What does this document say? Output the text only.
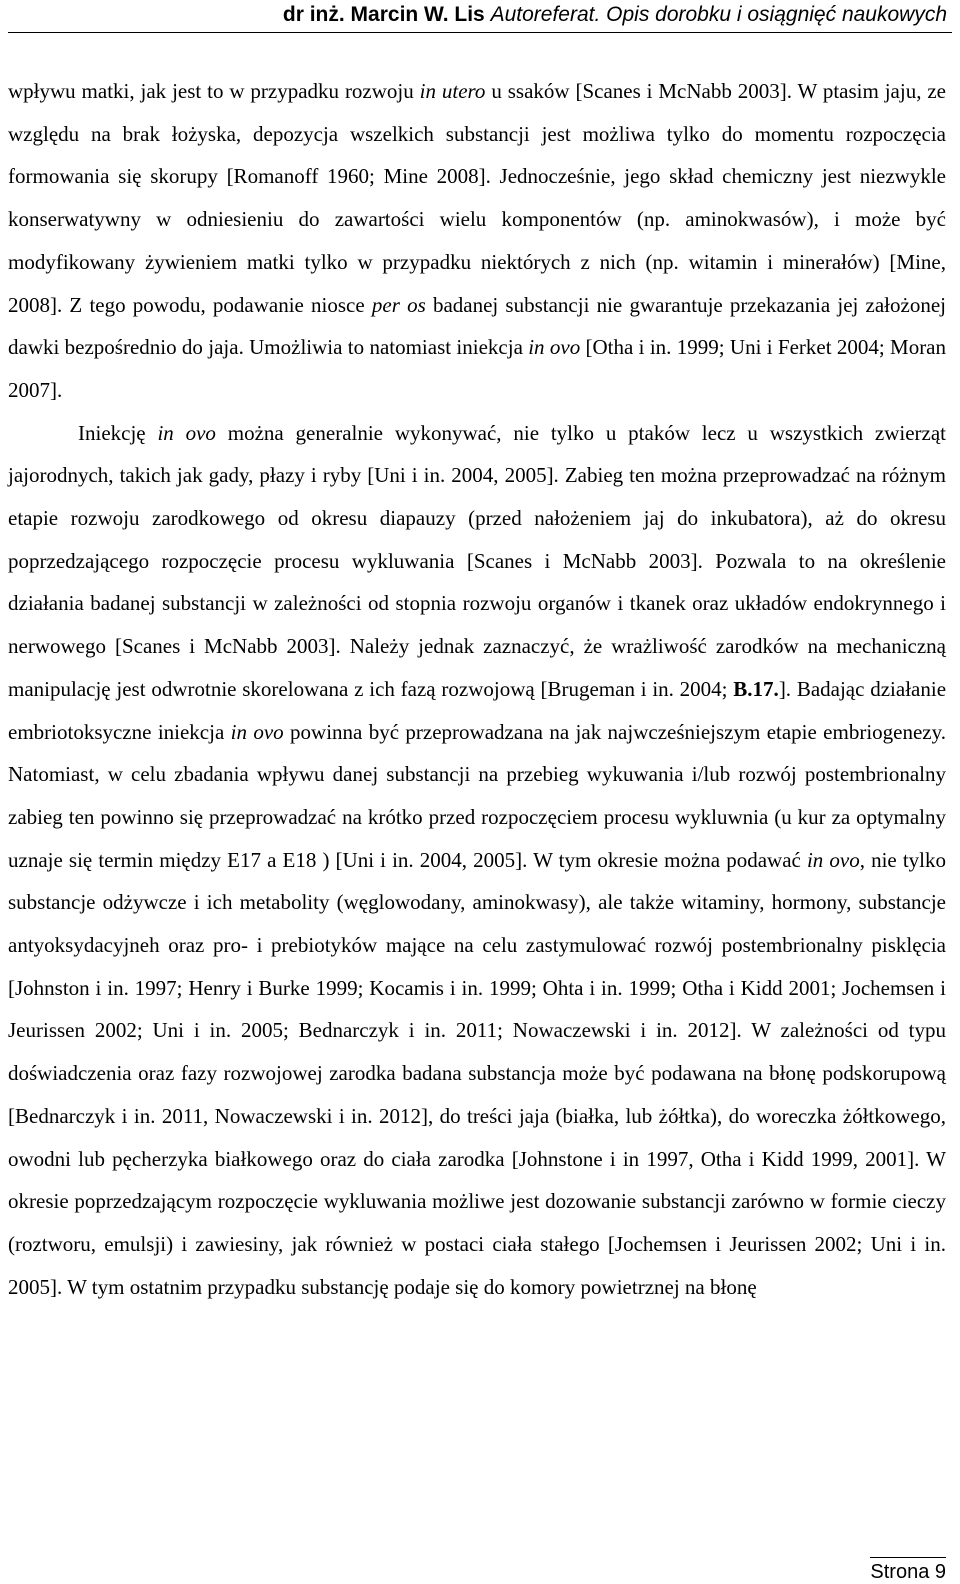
dr inż. Marcin W. Lis Autoreferat. Opis dorobku i osiągnięć naukowych

wpływu matki, jak jest to w przypadku rozwoju in utero u ssaków [Scanes i McNabb 2003]. W ptasim jaju, ze względu na brak łożyska, depozycja wszelkich substancji jest możliwa tylko do momentu rozpoczęcia formowania się skorupy [Romanoff 1960; Mine 2008]. Jednocześnie, jego skład chemiczny jest niezwykle konserwatywny w odniesieniu do zawartości wielu komponentów (np. aminokwasów), i może być modyfikowany żywieniem matki tylko w przypadku niektórych z nich (np. witamin i minerałów) [Mine, 2008]. Z tego powodu, podawanie niosce per os badanej substancji nie gwarantuje przekazania jej założonej dawki bezpośrednio do jaja. Umożliwia to natomiast iniekcja in ovo [Otha i in. 1999; Uni i Ferket 2004; Moran 2007].

Iniekcję in ovo można generalnie wykonywać, nie tylko u ptaków lecz u wszystkich zwierząt jajorodnych, takich jak gady, płazy i ryby [Uni i in. 2004, 2005]. Zabieg ten można przeprowadzać na różnym etapie rozwoju zarodkowego od okresu diapauzy (przed nałożeniem jaj do inkubatora), aż do okresu poprzedzającego rozpoczęcie procesu wykluwania [Scanes i McNabb 2003]. Pozwala to na określenie działania badanej substancji w zależności od stopnia rozwoju organów i tkanek oraz układów endokrynnego i nerwowego [Scanes i McNabb 2003]. Należy jednak zaznaczyć, że wrażliwość zarodków na mechaniczną manipulację jest odwrotnie skorelowana z ich fazą rozwojową [Brugeman i in. 2004; B.17.]. Badając działanie embriotoksyczne iniekcja in ovo powinna być przeprowadzana na jak najwcześniejszym etapie embriogenezy. Natomiast, w celu zbadania wpływu danej substancji na przebieg wykuwania i/lub rozwój postembrionalny zabieg ten powinno się przeprowadzać na krótko przed rozpoczęciem procesu wykluwnia (u kur za optymalny uznaje się termin między E17 a E18 ) [Uni i in. 2004, 2005]. W tym okresie można podawać in ovo, nie tylko substancje odżywcze i ich metabolity (węglowodany, aminokwasy), ale także witaminy, hormony, substancje antyoksydacyjneh oraz pro- i prebiotyków mające na celu zastymulować rozwój postembrionalny pisklęcia [Johnston i in. 1997; Henry i Burke 1999; Kocamis i in. 1999; Ohta i in. 1999; Otha i Kidd 2001; Jochemsen i Jeurissen 2002; Uni i in. 2005; Bednarczyk i in. 2011; Nowaczewski i in. 2012]. W zależności od typu doświadczenia oraz fazy rozwojowej zarodka badana substancja może być podawana na błonę podskorupową [Bednarczyk i in. 2011, Nowaczewski i in. 2012], do treści jaja (białka, lub żółtka), do woreczka żółtkowego, owodni lub pęcherzyka białkowego oraz do ciała zarodka [Johnstone i in 1997, Otha i Kidd 1999, 2001]. W okresie poprzedzającym rozpoczęcie wykluwania możliwe jest dozowanie substancji zarówno w formie cieczy (roztworu, emulsji) i zawiesiny, jak również w postaci ciała stałego [Jochemsen i Jeurissen 2002; Uni i in. 2005]. W tym ostatnim przypadku substancję podaje się do komory powietrznej na błonę

Strona 9
